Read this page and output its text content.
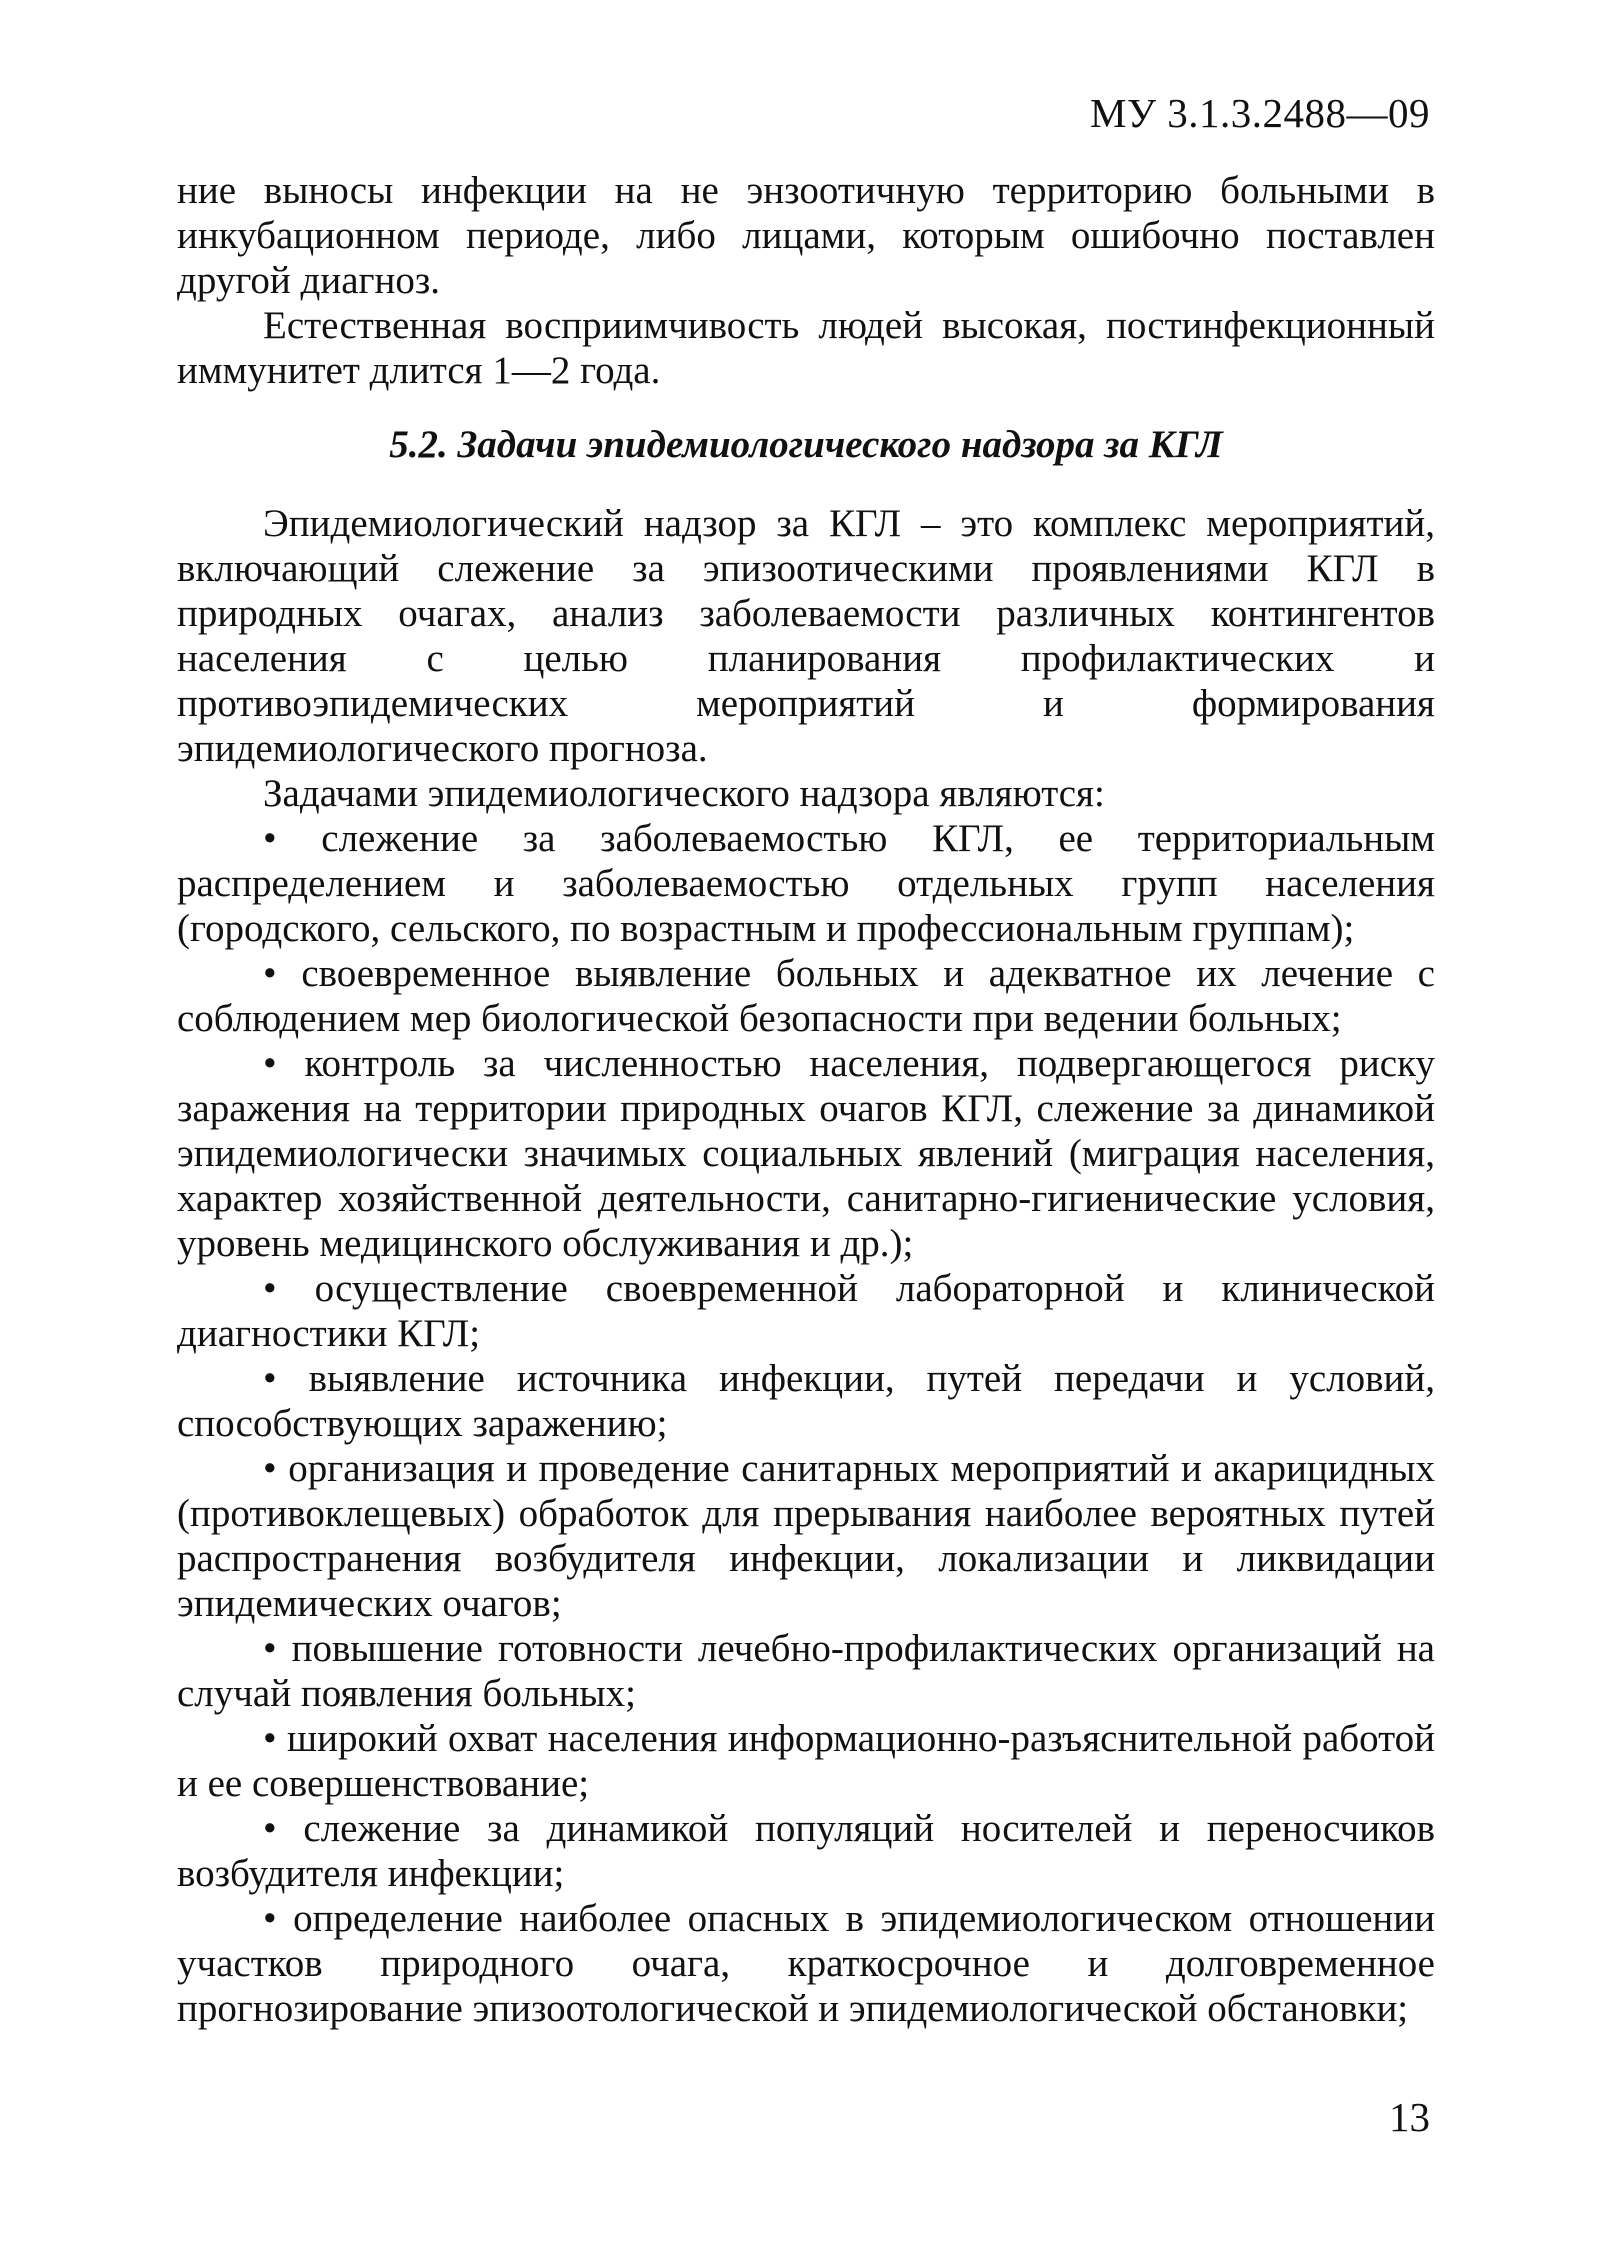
МУ 3.1.3.2488—09

ние выносы инфекции на не энзоотичную территорию больными в инкубационном периоде, либо лицами, которым ошибочно поставлен другой диагноз.

Естественная восприимчивость людей высокая, постинфекционный иммунитет длится 1—2 года.

5.2. Задачи эпидемиологического надзора за КГЛ

Эпидемиологический надзор за КГЛ – это комплекс мероприятий, включающий слежение за эпизоотическими проявлениями КГЛ в природных очагах, анализ заболеваемости различных контингентов населения с целью планирования профилактических и противоэпидемических мероприятий и формирования эпидемиологического прогноза.

Задачами эпидемиологического надзора являются:

• слежение за заболеваемостью КГЛ, ее территориальным распределением и заболеваемостью отдельных групп населения (городского, сельского, по возрастным и профессиональным группам);

• своевременное выявление больных и адекватное их лечение с соблюдением мер биологической безопасности при ведении больных;

• контроль за численностью населения, подвергающегося риску заражения на территории природных очагов КГЛ, слежение за динамикой эпидемиологически значимых социальных явлений (миграция населения, характер хозяйственной деятельности, санитарно-гигиенические условия, уровень медицинского обслуживания и др.);

• осуществление своевременной лабораторной и клинической диагностики КГЛ;

• выявление источника инфекции, путей передачи и условий, способствующих заражению;

• организация и проведение санитарных мероприятий и акарицидных (противоклещевых) обработок для прерывания наиболее вероятных путей распространения возбудителя инфекции, локализации и ликвидации эпидемических очагов;

• повышение готовности лечебно-профилактических организаций на случай появления больных;

• широкий охват населения информационно-разъяснительной работой и ее совершенствование;

• слежение за динамикой популяций носителей и переносчиков возбудителя инфекции;

• определение наиболее опасных в эпидемиологическом отношении участков природного очага, краткосрочное и долговременное прогнозирование эпизоотологической и эпидемиологической обстановки;

13
